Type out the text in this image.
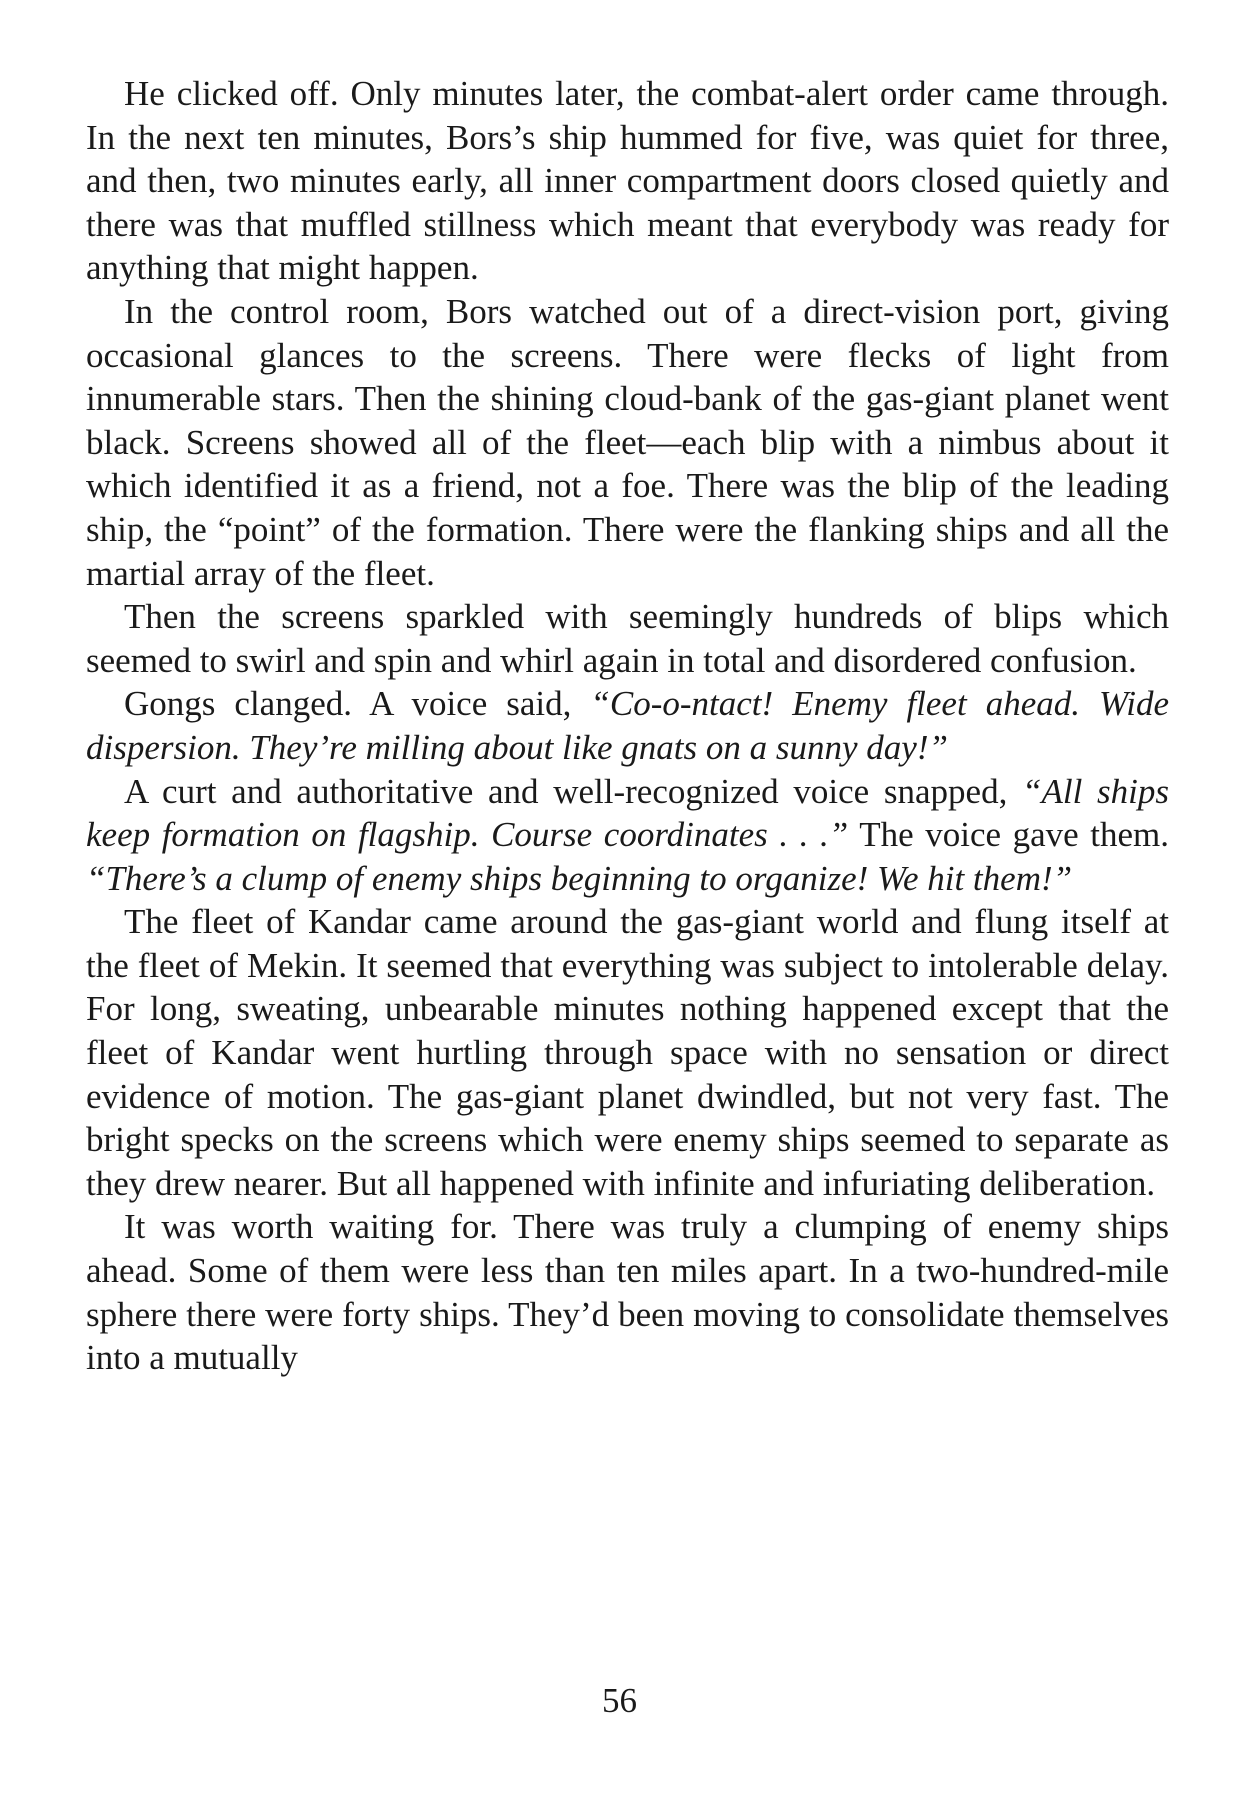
He clicked off. Only minutes later, the combat-alert order came through. In the next ten minutes, Bors’s ship hummed for five, was quiet for three, and then, two minutes early, all inner compartment doors closed quietly and there was that muffled stillness which meant that everybody was ready for anything that might happen.

In the control room, Bors watched out of a direct-vision port, giving occasional glances to the screens. There were flecks of light from innumerable stars. Then the shining cloud-bank of the gas-giant planet went black. Screens showed all of the fleet—each blip with a nimbus about it which identified it as a friend, not a foe. There was the blip of the leading ship, the “point” of the formation. There were the flanking ships and all the martial array of the fleet.

Then the screens sparkled with seemingly hundreds of blips which seemed to swirl and spin and whirl again in total and disordered confusion.

Gongs clanged. A voice said, “Co-o-ntact! Enemy fleet ahead. Wide dispersion. They’re milling about like gnats on a sunny day!”

A curt and authoritative and well-recognized voice snapped, “All ships keep formation on flagship. Course coordinates . . .” The voice gave them. “There’s a clump of enemy ships beginning to organize! We hit them!”

The fleet of Kandar came around the gas-giant world and flung itself at the fleet of Mekin. It seemed that everything was subject to intolerable delay. For long, sweating, unbearable minutes nothing happened except that the fleet of Kandar went hurtling through space with no sensation or direct evidence of motion. The gas-giant planet dwindled, but not very fast. The bright specks on the screens which were enemy ships seemed to separate as they drew nearer. But all happened with infinite and infuriating deliberation.

It was worth waiting for. There was truly a clumping of enemy ships ahead. Some of them were less than ten miles apart. In a two-hundred-mile sphere there were forty ships. They’d been moving to consolidate themselves into a mutually

56
